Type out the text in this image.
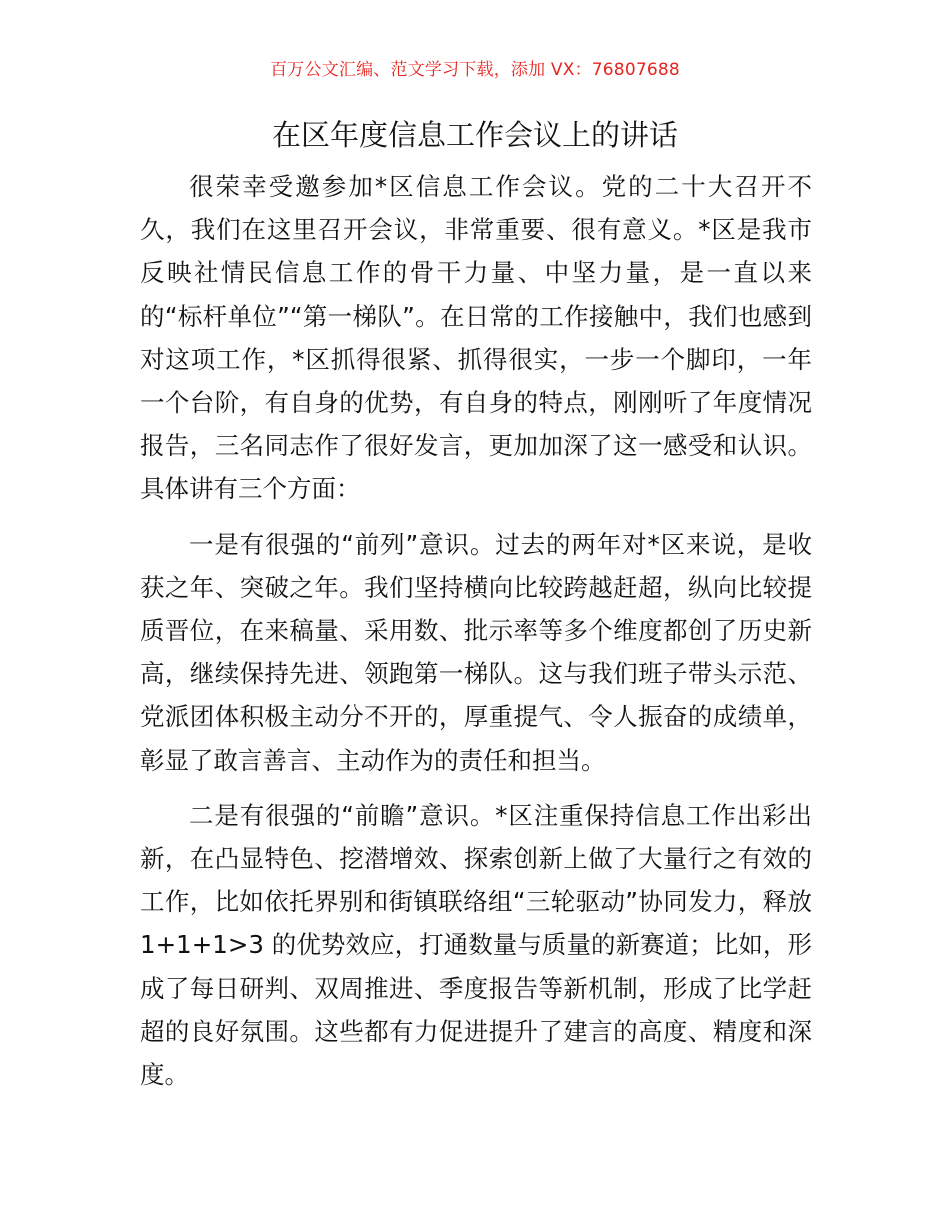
百万公文汇编、范文学习下载，添加 VX：76807688
在区年度信息工作会议上的讲话

很荣幸受邀参加*区信息工作会议。党的二十大召开不久，我们在这里召开会议，非常重要、很有意义。*区是我市反映社情民信息工作的骨干力量、中坚力量，是一直以来的“标杆单位”“第一梯队”。在日常的工作接触中，我们也感到对这项工作，*区抓得很紧、抓得很实，一步一个脚印，一年一个台阶，有自身的优势，有自身的特点，刚刚听了年度情况报告，三名同志作了很好发言，更加加深了这一感受和认识。具体讲有三个方面：

一是有很强的“前列”意识。过去的两年对*区来说，是收获之年、突破之年。我们坚持横向比较跨越赶超，纵向比较提质晋位，在来稿量、采用数、批示率等多个维度都创了历史新高，继续保持先进、领跑第一梯队。这与我们班子带头示范、党派团体积极主动分不开的，厚重提气、令人振奋的成绩单，彰显了敢言善言、主动作为的责任和担当。

二是有很强的“前瞻”意识。*区注重保持信息工作出彩出新，在凸显特色、挖潜增效、探索创新上做了大量行之有效的工作，比如依托界别和街镇联络组“三轮驱动”协同发力，释放 1+1+1>3 的优势效应，打通数量与质量的新赛道；比如，形成了每日研判、双周推进、季度报告等新机制，形成了比学赶超的良好氛围。这些都有力促进提升了建言的高度、精度和深度。
